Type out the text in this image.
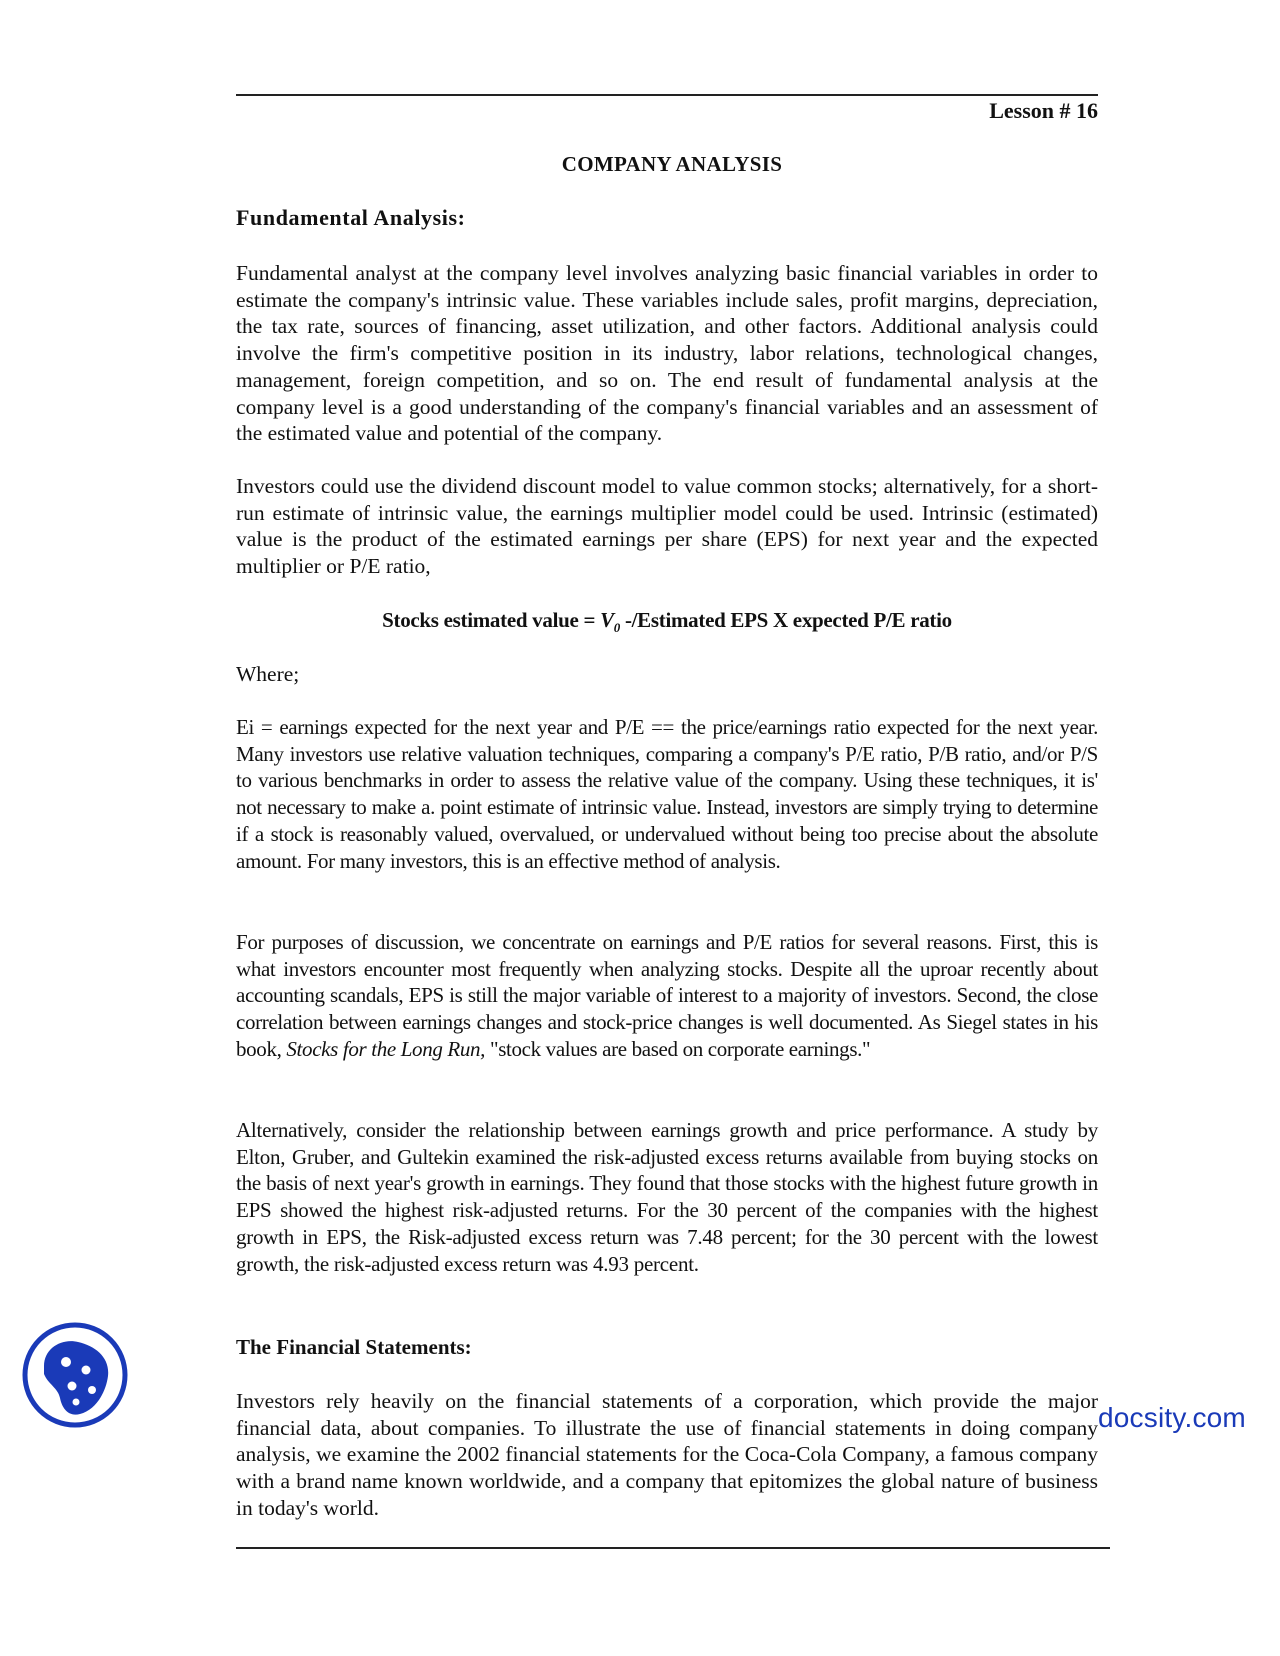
Lesson # 16
COMPANY ANALYSIS
Fundamental Analysis:

Fundamental analyst at the company level involves analyzing basic financial variables in order to estimate the company's intrinsic value. These variables include sales, profit margins, depreciation, the tax rate, sources of financing, asset utilization, and other factors. Additional analysis could involve the firm's competitive position in its industry, labor relations, technological changes, management, foreign competition, and so on. The end result of fundamental analysis at the company level is a good understanding of the company's financial variables and an assessment of the estimated value and potential of the company.

Investors could use the dividend discount model to value common stocks; alternatively, for a short-run estimate of intrinsic value, the earnings multiplier model could be used. Intrinsic (estimated) value is the product of the estimated earnings per share (EPS) for next year and the expected multiplier or P/E ratio,

Stocks estimated value = $V_0$ -/Estimated EPS X expected P/E ratio
Where;

Ei = earnings expected for the next year and P/E == the price/earnings ratio expected for the next year. Many investors use relative valuation techniques, comparing a company's P/E ratio, P/B ratio, and/or P/S to various benchmarks in order to assess the relative value of the company. Using these techniques, it is' not necessary to make a. point estimate of intrinsic value. Instead, investors are simply trying to determine if a stock is reasonably valued, overvalued, or undervalued without being too precise about the absolute amount. For many investors, this is an effective method of analysis.

For purposes of discussion, we concentrate on earnings and P/E ratios for several reasons. First, this is what investors encounter most frequently when analyzing stocks. Despite all the uproar recently about accounting scandals, EPS is still the major variable of interest to a majority of investors. Second, the close correlation between earnings changes and stock-price changes is well documented. As Siegel states in his book, Stocks for the Long Run, "stock values are based on corporate earnings."

Alternatively, consider the relationship between earnings growth and price performance. A study by Elton, Gruber, and Gultekin examined the risk-adjusted excess returns available from buying stocks on the basis of next year's growth in earnings. They found that those stocks with the highest future growth in EPS showed the highest risk-adjusted returns. For the 30 percent of the companies with the highest growth in EPS, the Risk-adjusted excess return was 7.48 percent; for the 30 percent with the lowest growth, the risk-adjusted excess return was 4.93 percent.

The Financial Statements:

Investors rely heavily on the financial statements of a corporation, which provide the major financial data, about companies. To illustrate the use of financial statements in doing company analysis, we examine the 2002 financial statements for the Coca-Cola Company, a famous company with a brand name known worldwide, and a company that epitomizes the global nature of business in today's world.

docsity.com
